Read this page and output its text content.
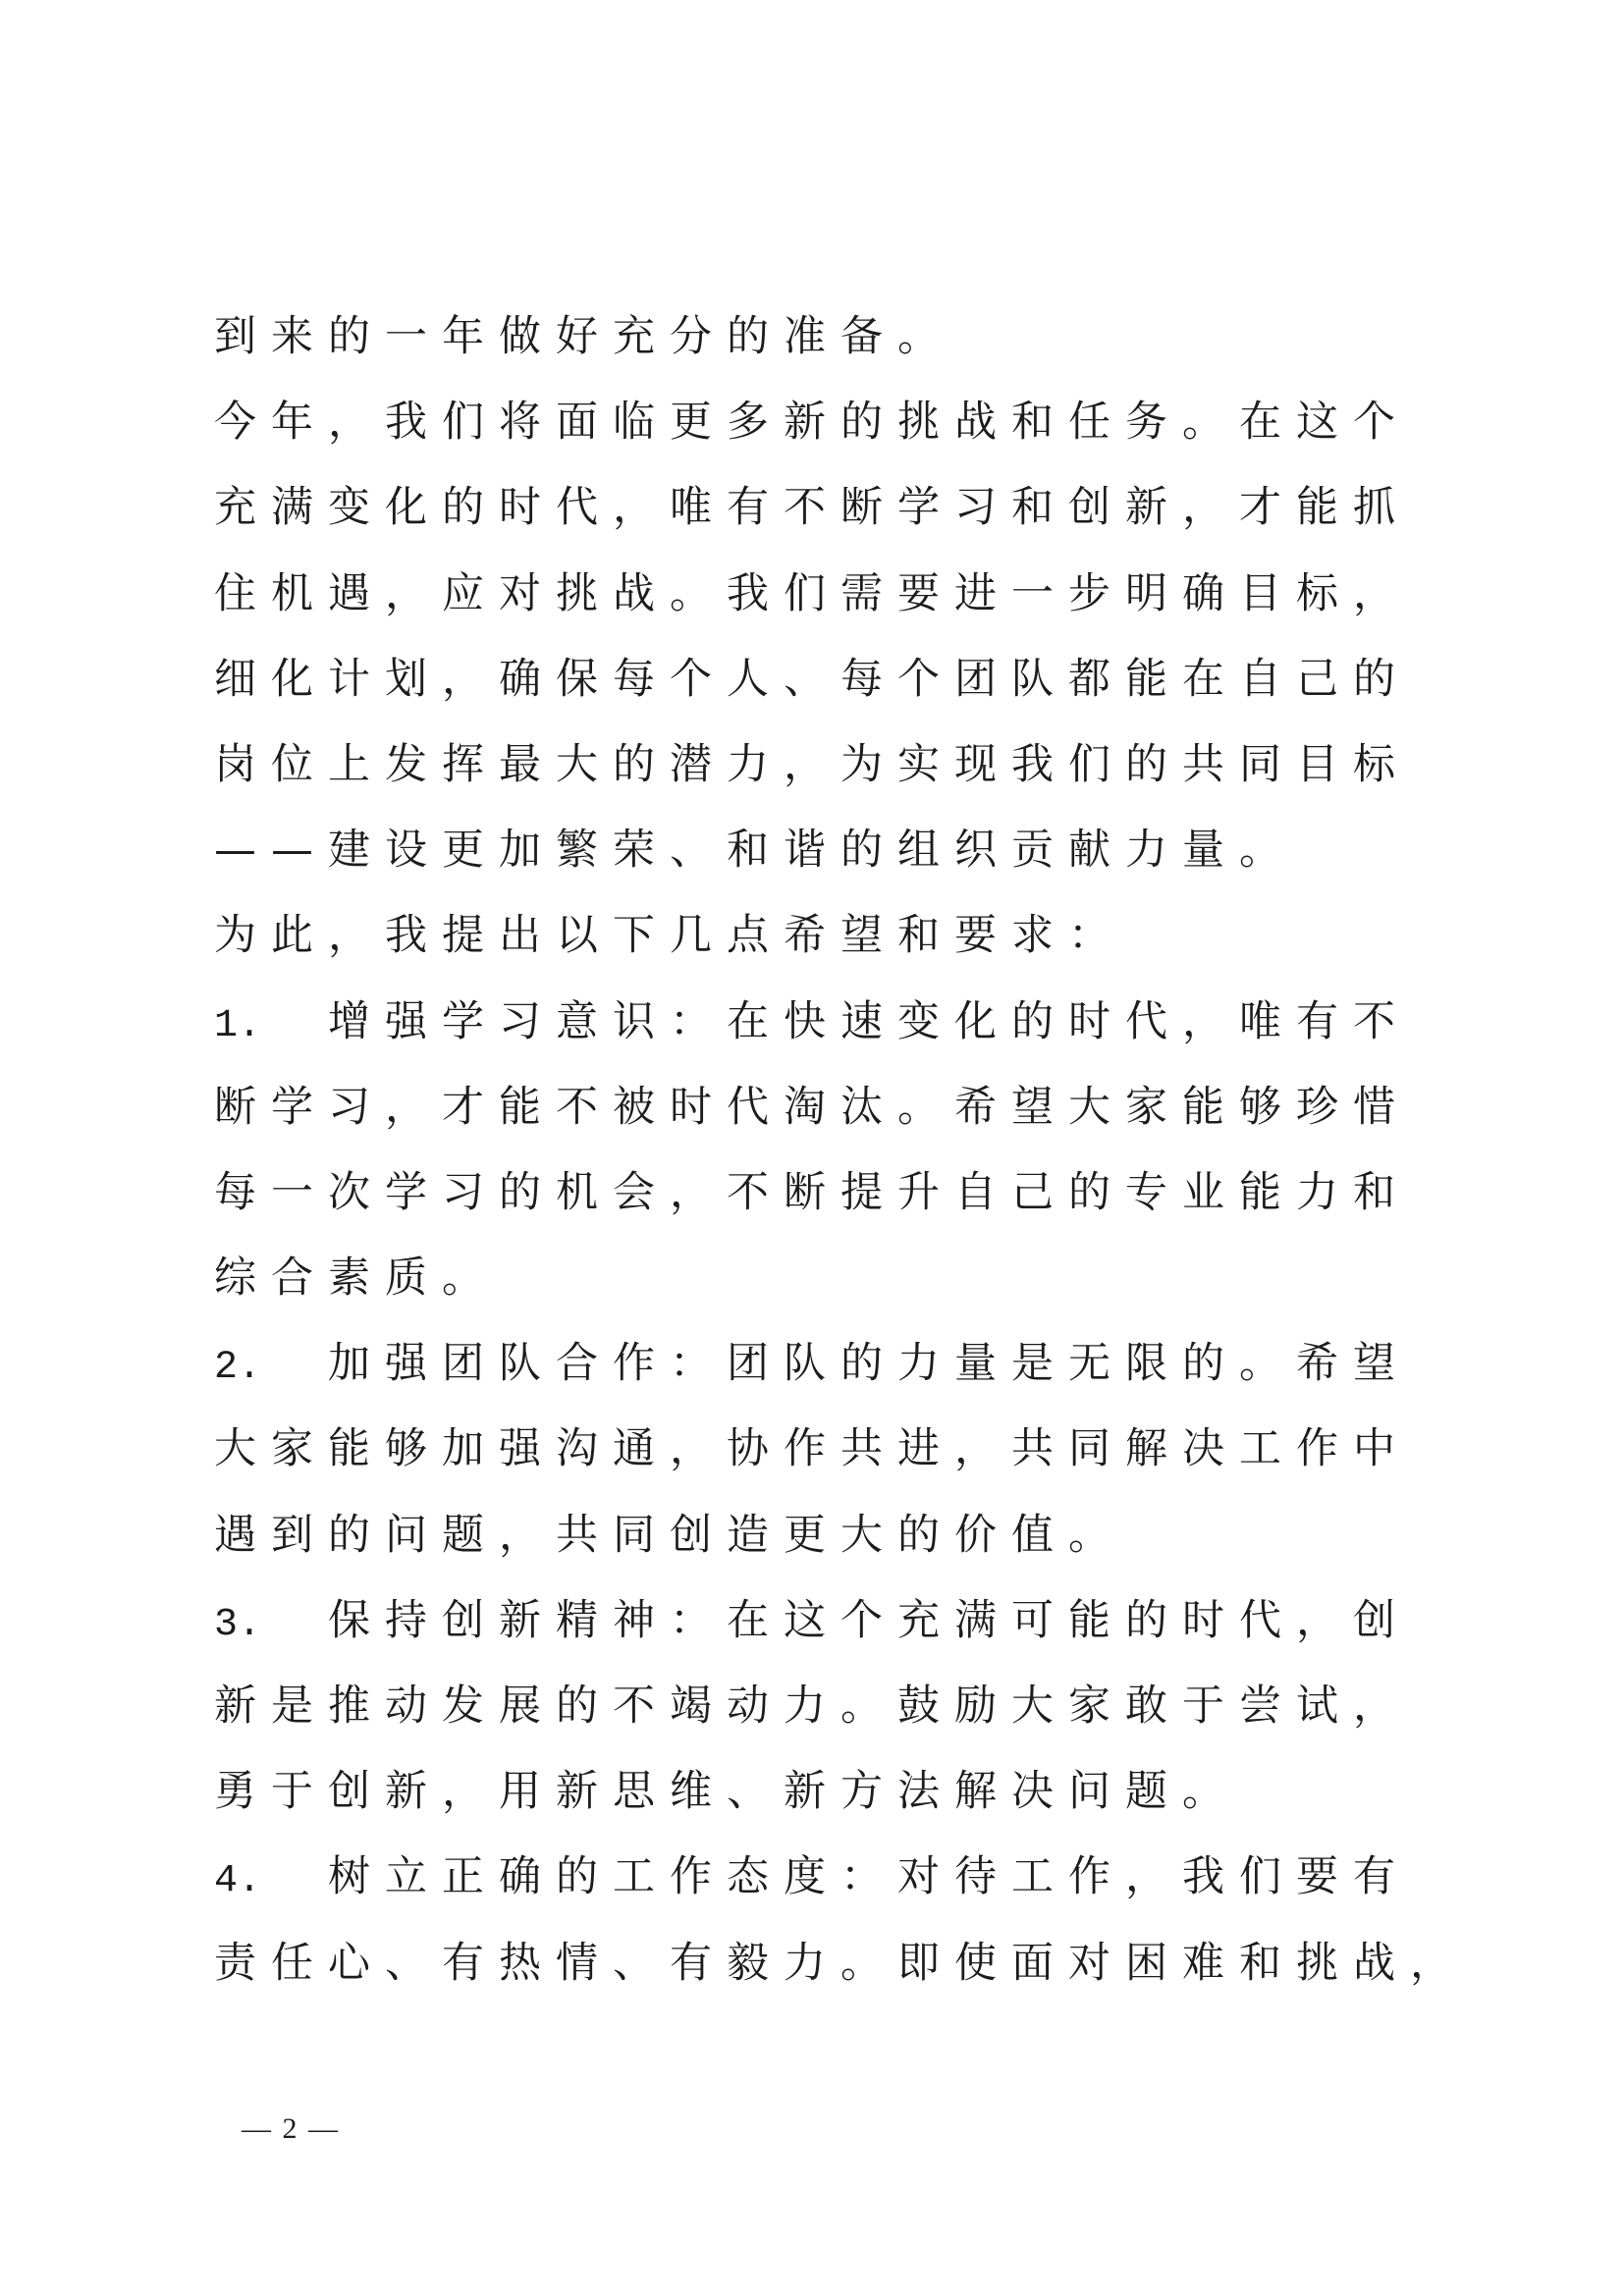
到来的一年做好充分的准备。
今年，我们将面临更多新的挑战和任务。在这个
充满变化的时代，唯有不断学习和创新，才能抓
住机遇，应对挑战。我们需要进一步明确目标，
细化计划，确保每个人、每个团队都能在自己的
岗位上发挥最大的潜力，为实现我们的共同目标
——建设更加繁荣、和谐的组织贡献力量。
为此，我提出以下几点希望和要求：
1. 增强学习意识：在快速变化的时代，唯有不
断学习，才能不被时代淘汰。希望大家能够珍惜
每一次学习的机会，不断提升自己的专业能力和
综合素质。
2. 加强团队合作：团队的力量是无限的。希望
大家能够加强沟通，协作共进，共同解决工作中
遇到的问题，共同创造更大的价值。
3. 保持创新精神：在这个充满可能的时代，创
新是推动发展的不竭动力。鼓励大家敢于尝试，
勇于创新，用新思维、新方法解决问题。
4. 树立正确的工作态度：对待工作，我们要有
责任心、有热情、有毅力。即使面对困难和挑战，
— 2 —
